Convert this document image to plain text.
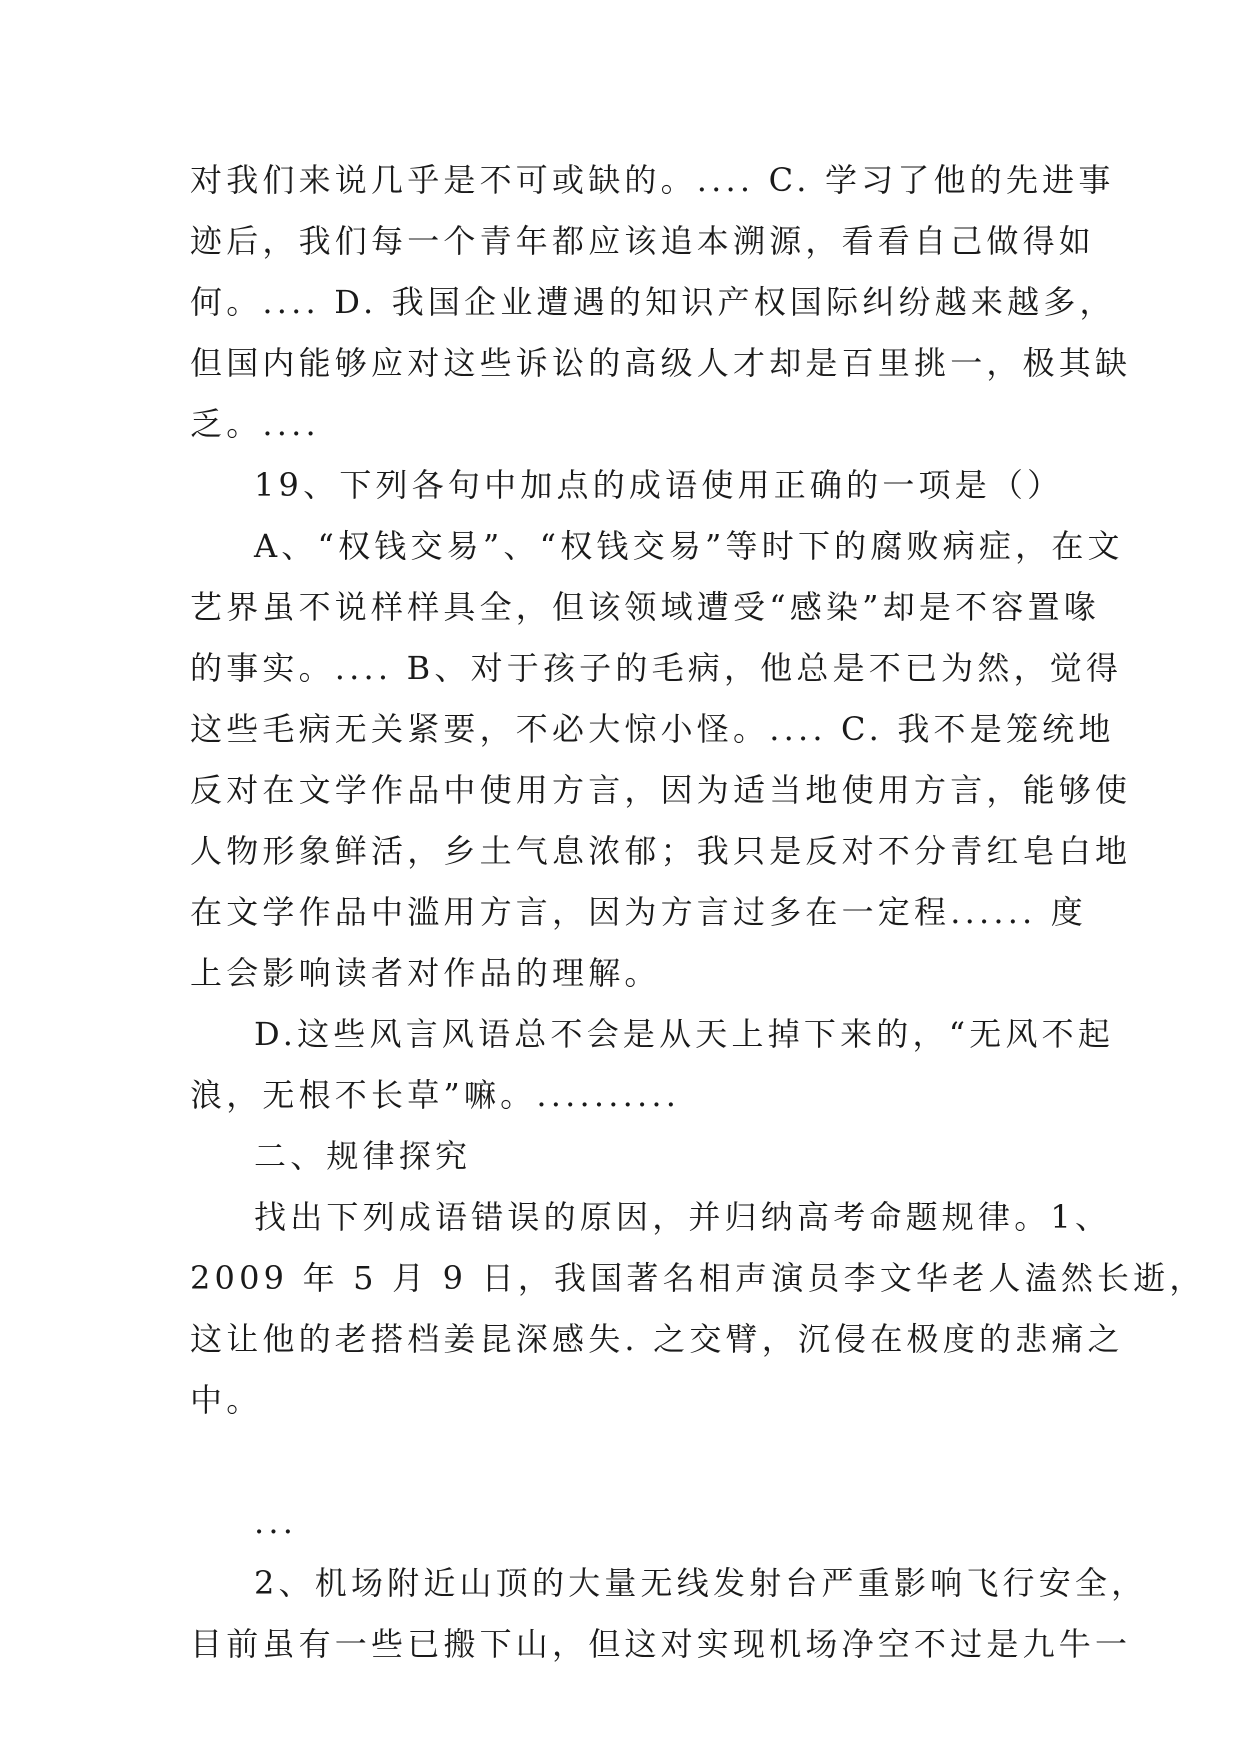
对我们来说几乎是不可或缺的。.... C. 学习了他的先进事
迹后，我们每一个青年都应该追本溯源，看看自己做得如
何。.... D. 我国企业遭遇的知识产权国际纠纷越来越多，
但国内能够应对这些诉讼的高级人才却是百里挑一，极其缺
乏。....
19、下列各句中加点的成语使用正确的一项是（）
A、“权钱交易”、“权钱交易”等时下的腐败病症，在文
艺界虽不说样样具全，但该领域遭受“感染”却是不容置喙
的事实。.... B、对于孩子的毛病，他总是不已为然，觉得
这些毛病无关紧要，不必大惊小怪。.... C. 我不是笼统地
反对在文学作品中使用方言，因为适当地使用方言，能够使
人物形象鲜活，乡土气息浓郁；我只是反对不分青红皂白地
在文学作品中滥用方言，因为方言过多在一定程...... 度
上会影响读者对作品的理解。
D.这些风言风语总不会是从天上掉下来的，“无风不起
浪，无根不长草”嘛。..........
二、规律探究
找出下列成语错误的原因，并归纳高考命题规律。1、
2009 年 5 月 9 日，我国著名相声演员李文华老人溘然长逝，
这让他的老搭档姜昆深感失. 之交臂，沉侵在极度的悲痛之
中。
...
2、机场附近山顶的大量无线发射台严重影响飞行安全，
目前虽有一些已搬下山，但这对实现机场净空不过是九牛一
